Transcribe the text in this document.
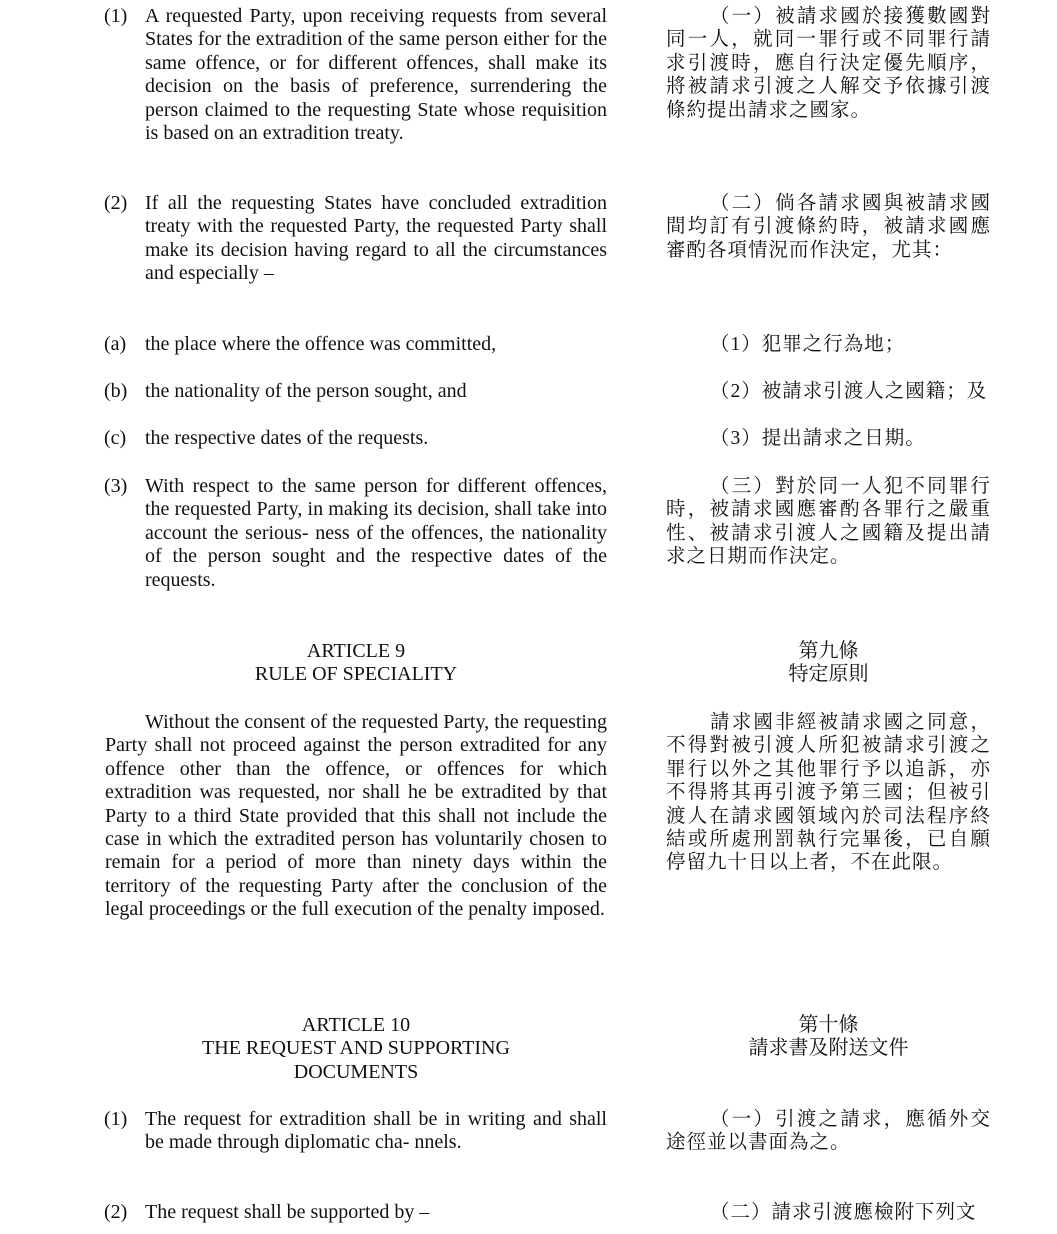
(1) A requested Party, upon receiving requests from several States for the extradition of the same person either for the same offence, or for different offences, shall make its decision on the basis of preference, surrendering the person claimed to the requesting State whose requisition is based on an extradition treaty.

(2) If all the requesting States have concluded extradition treaty with the requested Party, the requested Party shall make its decision having regard to all the circumstances and especially –

(a) the place where the offence was committed,

(b) the nationality of the person sought, and

(c) the respective dates of the requests.

(3) With respect to the same person for different offences, the requested Party, in making its decision, shall take into account the serious- ness of the offences, the nationality of the person sought and the respective dates of the requests.

ARTICLE 9
RULE OF SPECIALITY

Without the consent of the requested Party, the requesting Party shall not proceed against the person extradited for any offence other than the offence, or offences for which extradition was requested, nor shall he be extradited by that Party to a third State provided that this shall not include the case in which the extradited person has voluntarily chosen to remain for a period of more than ninety days within the territory of the requesting Party after the conclusion of the legal proceedings or the full execution of the penalty imposed.

ARTICLE 10
THE REQUEST AND SUPPORTING DOCUMENTS
(1) The request for extradition shall be in writing and shall be made through diplomatic cha- nnels.

(2) The request shall be supported by –

（一）被請求國於接獲數國對同一人，就同一罪行或不同罪行請求引渡時，應自行決定優先順序，將被請求引渡之人解交予依據引渡條約提出請求之國家。

（二）倘各請求國與被請求國間均訂有引渡條約時，被請求國應審酌各項情況而作決定，尤其：

（1）犯罪之行為地；

（2）被請求引渡人之國籍；及

（3）提出請求之日期。

（三）對於同一人犯不同罪行時，被請求國應審酌各罪行之嚴重性、被請求引渡人之國籍及提出請求之日期而作決定。

第九條
特定原則

請求國非經被請求國之同意，不得對被引渡人所犯被請求引渡之罪行以外之其他罪行予以追訴，亦不得將其再引渡予第三國；但被引渡人在請求國領域內於司法程序終結或所處刑罰執行完畢後，已自願停留九十日以上者，不在此限。

第十條
請求書及附送文件

（一）引渡之請求，應循外交途徑並以書面為之。

（二）請求引渡應檢附下列文
